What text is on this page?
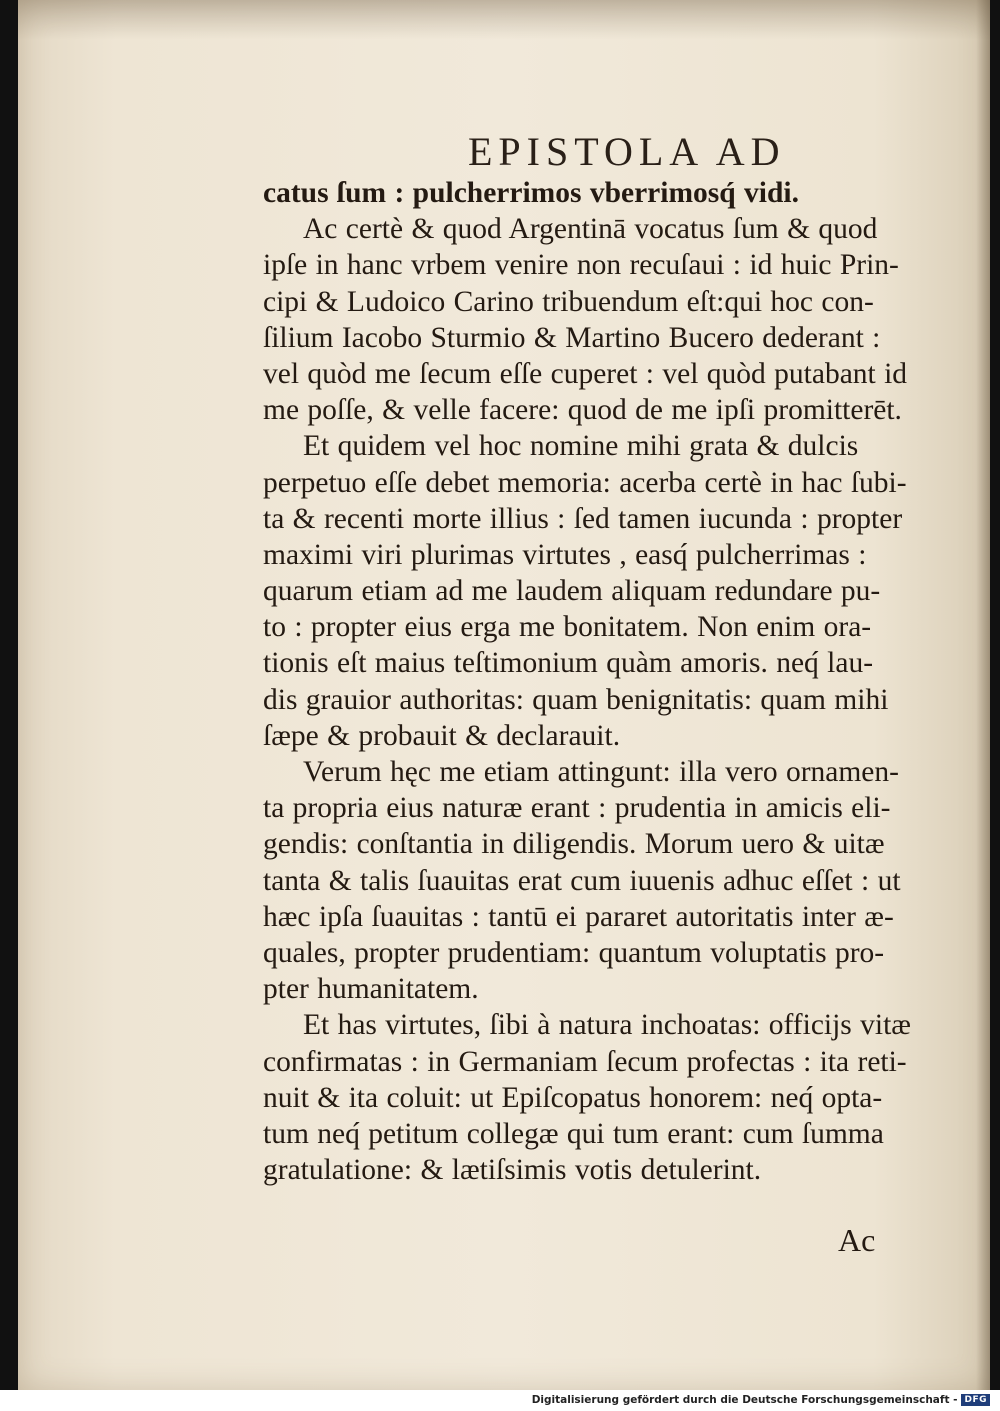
EPISTOLA AD
catus ſum : pulcherrimos vberrimosq́ vidi.
Ac certè & quod Argentinā vocatus ſum & quod
ipſe in hanc vrbem venire non recuſaui : id huic Prin-
cipi & Ludoico Carino tribuendum eſt:qui hoc con-
ſilium Iacobo Sturmio & Martino Bucero dederant :
vel quòd me ſecum eſſe cuperet : vel quòd putabant id
me poſſe, & velle facere: quod de me ipſi promitterēt.
Et quidem vel hoc nomine mihi grata & dulcis
perpetuo eſſe debet memoria: acerba certè in hac ſubi-
ta & recenti morte illius : ſed tamen iucunda : propter
maximi viri plurimas virtutes , easq́ pulcherrimas :
quarum etiam ad me laudem aliquam redundare pu-
to : propter eius erga me bonitatem. Non enim ora-
tionis eſt maius teſtimonium quàm amoris. neq́ lau-
dis grauior authoritas: quam benignitatis: quam mihi
ſæpe & probauit & declarauit.
Verum hęc me etiam attingunt: illa vero ornamen-
ta propria eius naturæ erant : prudentia in amicis eli-
gendis: conſtantia in diligendis. Morum uero & uitæ
tanta & talis ſuauitas erat cum iuuenis adhuc eſſet : ut
hæc ipſa ſuauitas : tantū ei pararet autoritatis inter æ-
quales, propter prudentiam: quantum voluptatis pro-
pter humanitatem.
Et has virtutes, ſibi à natura inchoatas: officijs vitæ
confirmatas : in Germaniam ſecum profectas : ita reti-
nuit & ita coluit: ut Epiſcopatus honorem: neq́ opta-
tum neq́ petitum collegæ qui tum erant: cum ſumma
gratulatione: & lætiſsimis votis detulerint.
Ac
Digitalisierung gefördert durch die Deutsche Forschungsgemeinschaft - DFG
